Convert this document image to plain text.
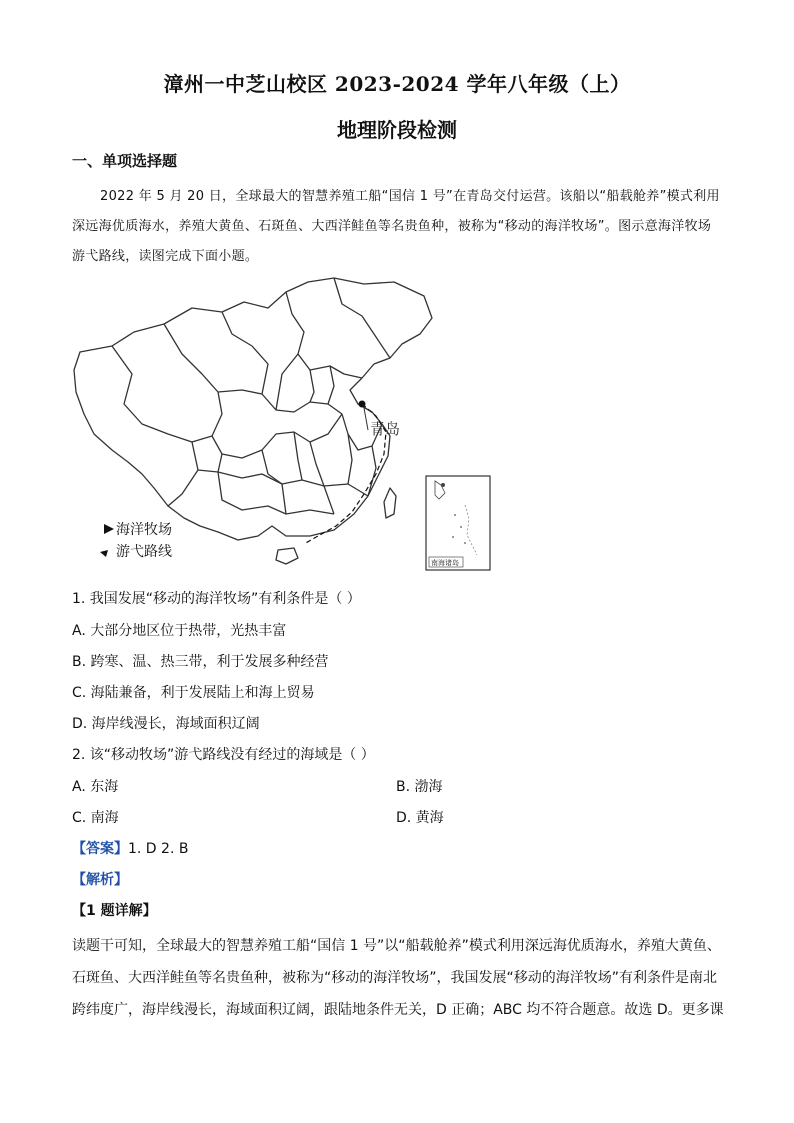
漳州一中芝山校区 2023-2024 学年八年级（上）
地理阶段检测
一、单项选择题
2022 年 5 月 20 日，全球最大的智慧养殖工船“国信 1 号”在青岛交付运营。该船以“船载舱养”模式利用深远海优质海水，养殖大黄鱼、石斑鱼、大西洋鲑鱼等名贵鱼种，被称为“移动的海洋牧场”。图示意海洋牧场游弋路线，读图完成下面小题。
青岛
海洋牧场
游弋路线
南海诸岛
1. 我国发展“移动的海洋牧场”有利条件是（ ）
A. 大部分地区位于热带，光热丰富
B. 跨寒、温、热三带，利于发展多种经营
C. 海陆兼备，利于发展陆上和海上贸易
D. 海岸线漫长，海域面积辽阔
2. 该“移动牧场”游弋路线没有经过的海域是（ ）
A. 东海	B. 渤海
C. 南海	D. 黄海
【答案】1. D 2. B
【解析】
【1 题详解】
读题干可知，全球最大的智慧养殖工船“国信 1 号”以“船载舱养”模式利用深远海优质海水，养殖大黄鱼、石斑鱼、大西洋鲑鱼等名贵鱼种，被称为“移动的海洋牧场”，我国发展“移动的海洋牧场”有利条件是南北跨纬度广，海岸线漫长，海域面积辽阔，跟陆地条件无关，D 正确；ABC 均不符合题意。故选 D。更多课
